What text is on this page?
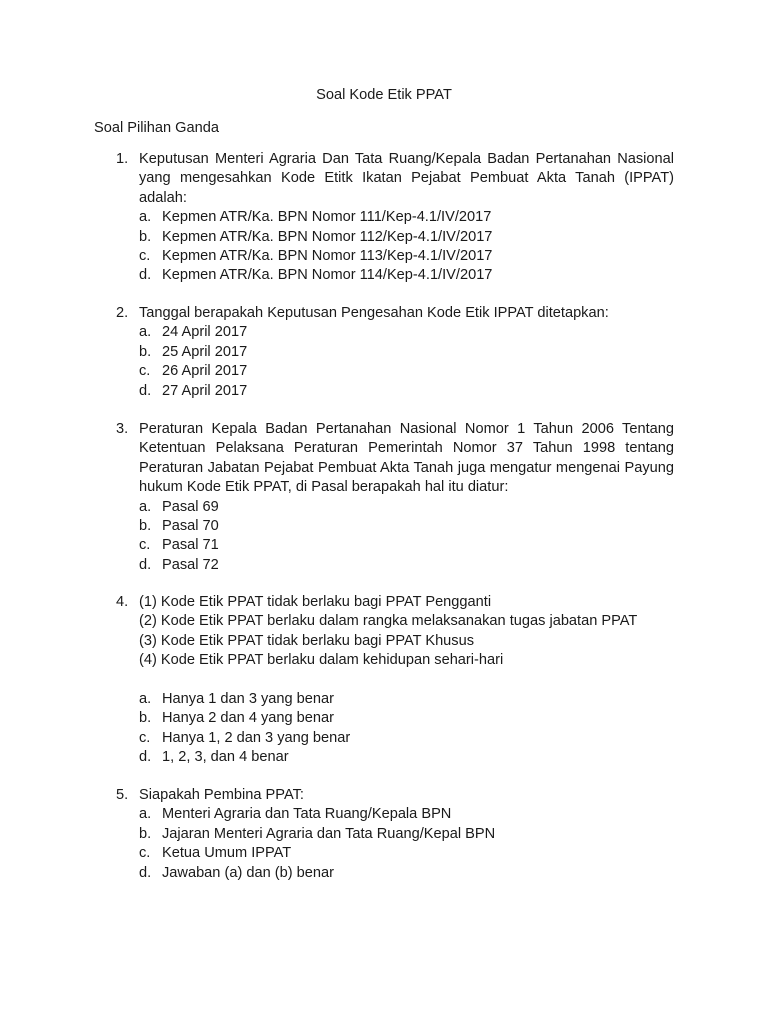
Soal Kode Etik PPAT
Soal Pilihan Ganda
1. Keputusan Menteri Agraria Dan Tata Ruang/Kepala Badan Pertanahan Nasional yang mengesahkan Kode Etitk Ikatan Pejabat Pembuat Akta Tanah (IPPAT) adalah:
a. Kepmen ATR/Ka. BPN Nomor 111/Kep-4.1/IV/2017
b. Kepmen ATR/Ka. BPN Nomor 112/Kep-4.1/IV/2017
c. Kepmen ATR/Ka. BPN Nomor 113/Kep-4.1/IV/2017
d. Kepmen ATR/Ka. BPN Nomor 114/Kep-4.1/IV/2017
2. Tanggal berapakah Keputusan Pengesahan Kode Etik IPPAT ditetapkan:
a. 24 April 2017
b. 25 April 2017
c. 26 April 2017
d. 27 April 2017
3. Peraturan Kepala Badan Pertanahan Nasional Nomor 1 Tahun 2006 Tentang Ketentuan Pelaksana Peraturan Pemerintah Nomor 37 Tahun 1998 tentang Peraturan Jabatan Pejabat Pembuat Akta Tanah juga mengatur mengenai Payung hukum Kode Etik PPAT, di Pasal berapakah hal itu diatur:
a. Pasal 69
b. Pasal 70
c. Pasal 71
d. Pasal 72
4. (1) Kode Etik PPAT tidak berlaku bagi PPAT Pengganti
(2) Kode Etik PPAT berlaku dalam rangka melaksanakan tugas jabatan PPAT
(3) Kode Etik PPAT tidak berlaku bagi PPAT Khusus
(4) Kode Etik PPAT berlaku dalam kehidupan sehari-hari
a. Hanya 1 dan 3 yang benar
b. Hanya 2 dan 4 yang benar
c. Hanya 1, 2 dan 3 yang benar
d. 1, 2, 3, dan 4 benar
5. Siapakah Pembina PPAT:
a. Menteri Agraria dan Tata Ruang/Kepala BPN
b. Jajaran Menteri Agraria dan Tata Ruang/Kepal BPN
c. Ketua Umum IPPAT
d. Jawaban (a) dan (b) benar
